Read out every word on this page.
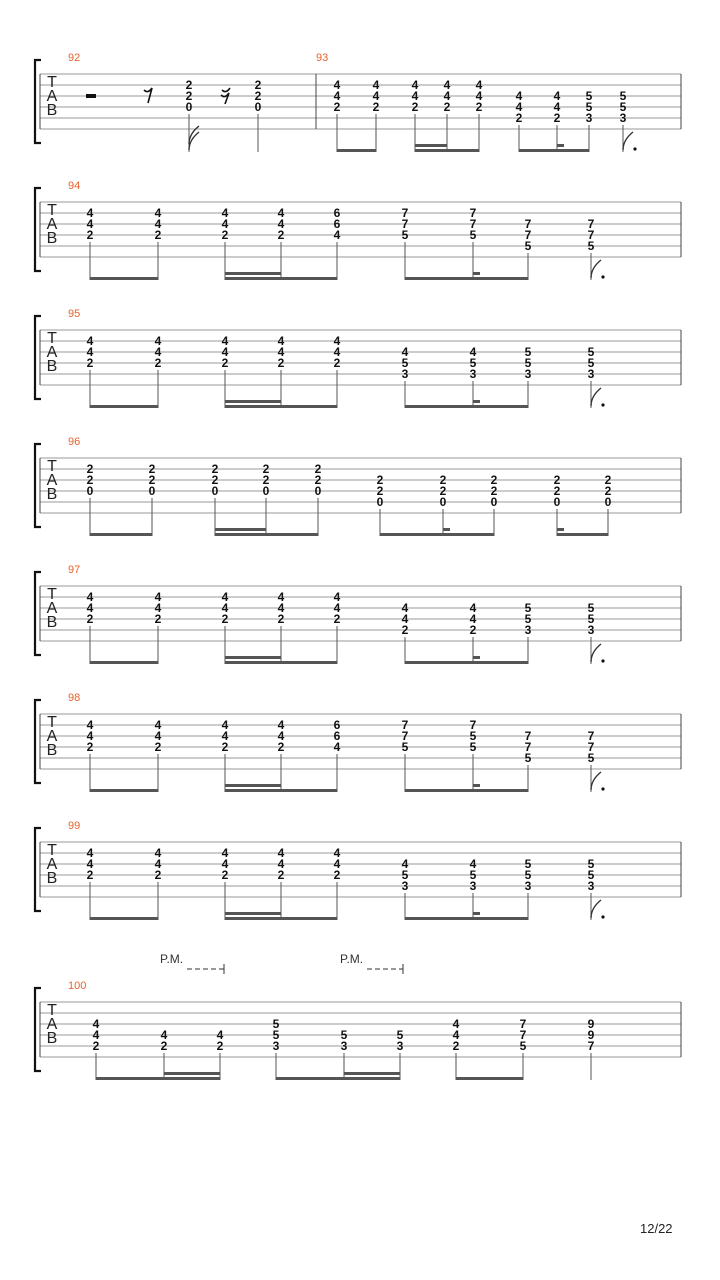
T
A
B
92
2
2
0
2
2
0
93
4
4
2
4
4
2
4
4
2
4
4
2
4
4
2
4
4
2
4
4
2
5
5
3
5
5
3
T
A
B
94
4
4
2
4
4
2
4
4
2
4
4
2
6
6
4
7
7
5
7
7
5
7
7
5
7
7
5
T
A
B
95
4
4
2
4
4
2
4
4
2
4
4
2
4
4
2
4
5
3
4
5
3
5
5
3
5
5
3
T
A
B
96
2
2
0
2
2
0
2
2
0
2
2
0
2
2
0
2
2
0
2
2
0
2
2
0
2
2
0
2
2
0
T
A
B
97
4
4
2
4
4
2
4
4
2
4
4
2
4
4
2
4
4
2
4
4
2
5
5
3
5
5
3
T
A
B
98
4
4
2
4
4
2
4
4
2
4
4
2
6
6
4
7
7
5
7
5
5
7
7
5
7
7
5
T
A
B
99
4
4
2
4
4
2
4
4
2
4
4
2
4
4
2
4
5
3
4
5
3
5
5
3
5
5
3
T
A
B
P.M.	P.M.
100
4
4
2
4
2
4
2
5
5
3
5
3
5
3
4
4
2
7
7
5
9
9
7
12/22
